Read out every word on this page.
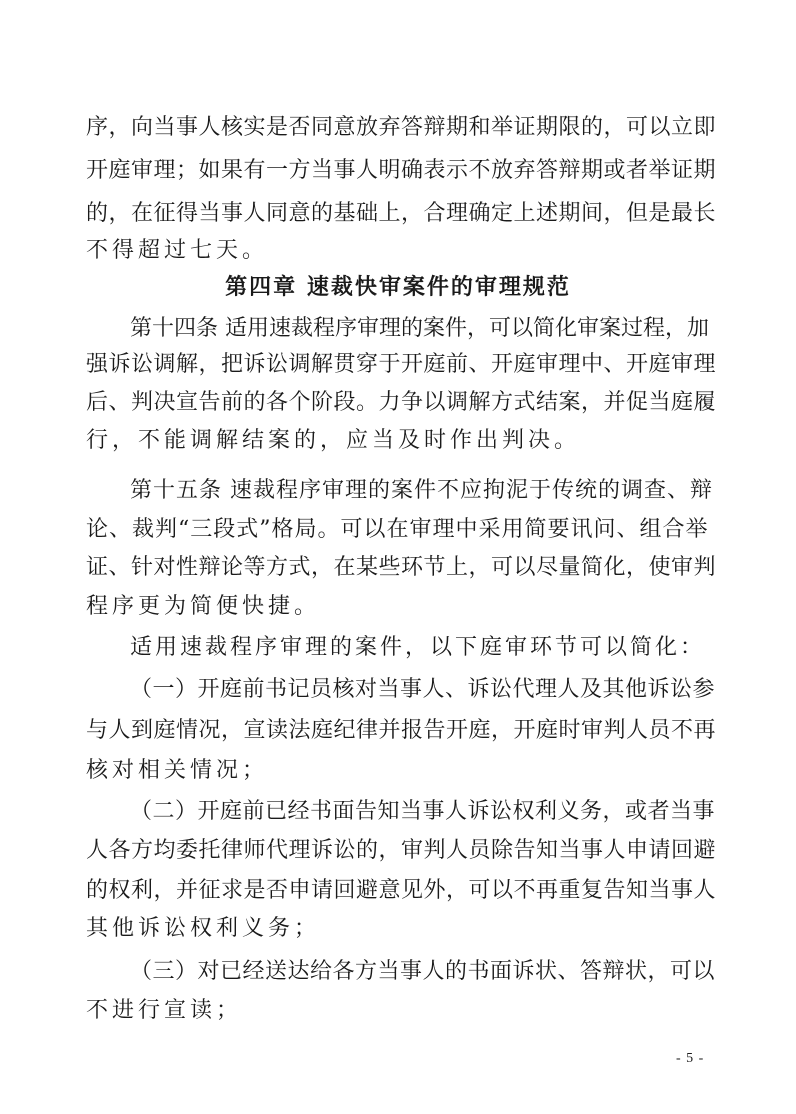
序，向当事人核实是否同意放弃答辩期和举证期限的，可以立即
开庭审理；如果有一方当事人明确表示不放弃答辩期或者举证期
的，在征得当事人同意的基础上，合理确定上述期间，但是最长
不得超过七天。
第四章 速裁快审案件的审理规范
第十四条 适用速裁程序审理的案件，可以简化审案过程，加
强诉讼调解，把诉讼调解贯穿于开庭前、开庭审理中、开庭审理
后、判决宣告前的各个阶段。力争以调解方式结案，并促当庭履
行，不能调解结案的，应当及时作出判决。
第十五条 速裁程序审理的案件不应拘泥于传统的调查、辩
论、裁判“三段式”格局。可以在审理中采用简要讯问、组合举
证、针对性辩论等方式，在某些环节上，可以尽量简化，使审判
程序更为简便快捷。
适用速裁程序审理的案件，以下庭审环节可以简化：
（一）开庭前书记员核对当事人、诉讼代理人及其他诉讼参
与人到庭情况，宣读法庭纪律并报告开庭，开庭时审判人员不再
核对相关情况；
（二）开庭前已经书面告知当事人诉讼权利义务，或者当事
人各方均委托律师代理诉讼的，审判人员除告知当事人申请回避
的权利，并征求是否申请回避意见外，可以不再重复告知当事人
其他诉讼权利义务；
（三）对已经送达给各方当事人的书面诉状、答辩状，可以
不进行宣读；
- 5 -
